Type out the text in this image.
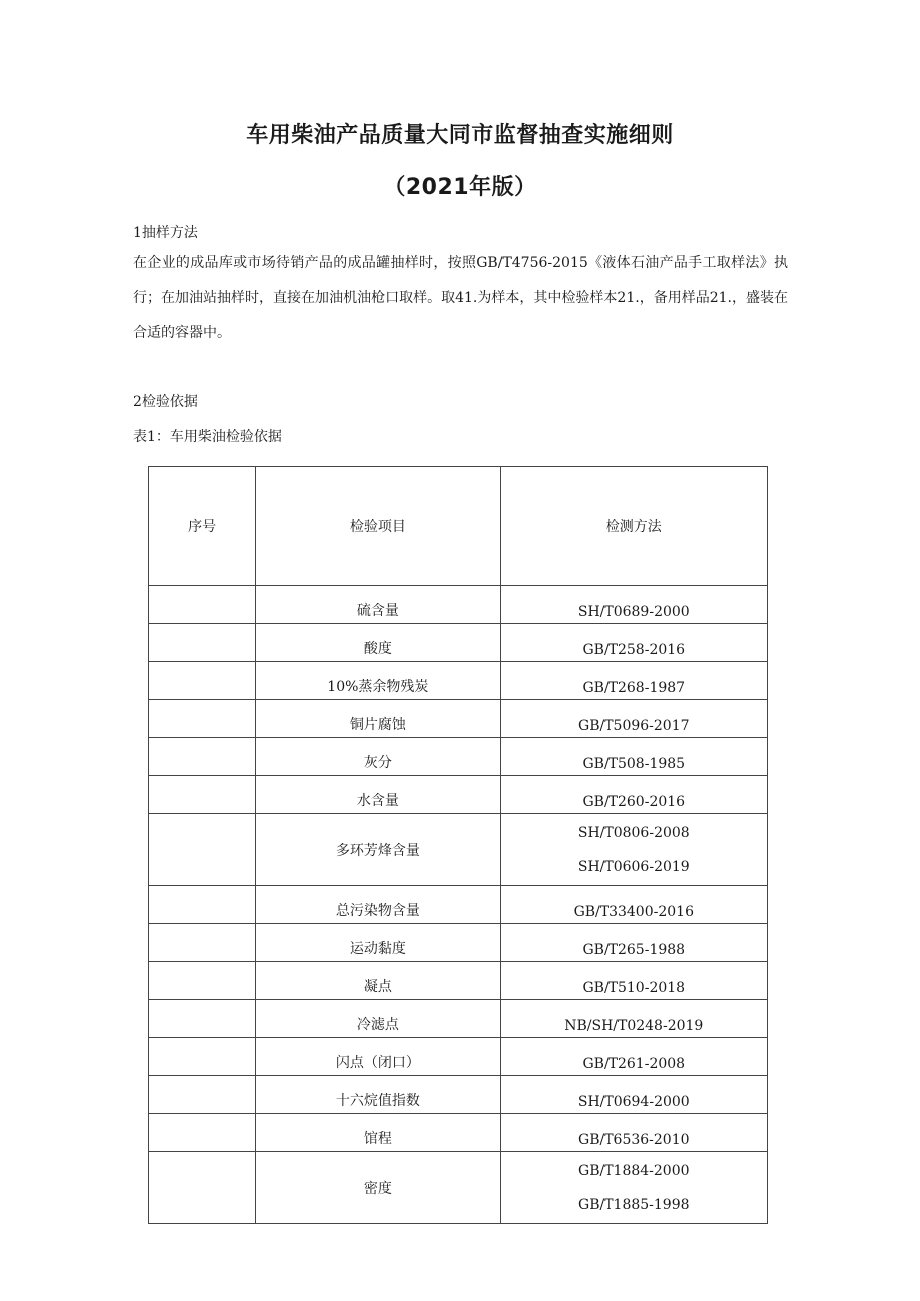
车用柴油产品质量大同市监督抽查实施细则
（2021年版）
1抽样方法
在企业的成品库或市场待销产品的成品罐抽样时，按照GB/T4756-2015《液体石油产品手工取样法》执行；在加油站抽样时，直接在加油机油枪口取样。取41.为样本，其中检验样本21.，备用样品21.，盛装在合适的容器中。
2检验依据
表1：车用柴油检验依据
序号	检验项目	检测方法
	硫含量	SH/T0689-2000
	酸度	GB/T258-2016
	10%蒸余物残炭	GB/T268-1987
	铜片腐蚀	GB/T5096-2017
	灰分	GB/T508-1985
	水含量	GB/T260-2016
	多环芳烽含量	SH/T0806-2008
SH/T0606-2019

	总污染物含量	GB/T33400-2016
	运动黏度	GB/T265-1988
	凝点	GB/T510-2018
	冷滤点	NB/SH/T0248-2019
	闪点（闭口）	GB/T261-2008
	十六烷值指数	SH/T0694-2000
	馆程	GB/T6536-2010
	密度	GB/T1884-2000
GB/T1885-1998
